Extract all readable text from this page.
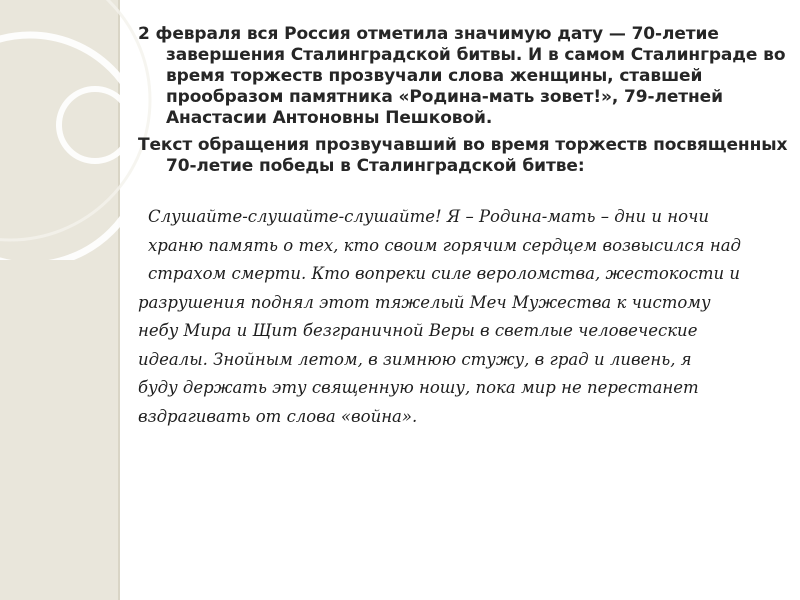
2 февраля вся Россия отметила значимую дату — 70-летие завершения Сталинградской битвы. И в самом Сталинграде во время торжеств прозвучали слова женщины, ставшей прообразом памятника «Родина-мать зовет!», 79-летней Анастасии Антоновны Пешковой.

Текст обращения прозвучавший во время торжеств посвященных 70-летие победы в Сталинградской битве:

Слушайте-слушайте-слушайте! Я – Родина-мать – дни и ночи
храню память о тех, кто своим горячим сердцем возвысился над
страхом смерти. Кто вопреки силе вероломства, жестокости и
разрушения поднял этот тяжелый Меч Мужества к чистому
небу Мира и Щит безграничной Веры в светлые человеческие
идеалы. Знойным летом, в зимнюю стужу, в град и ливень, я
буду держать эту священную ношу, пока мир не перестанет
вздрагивать от слова «война».
